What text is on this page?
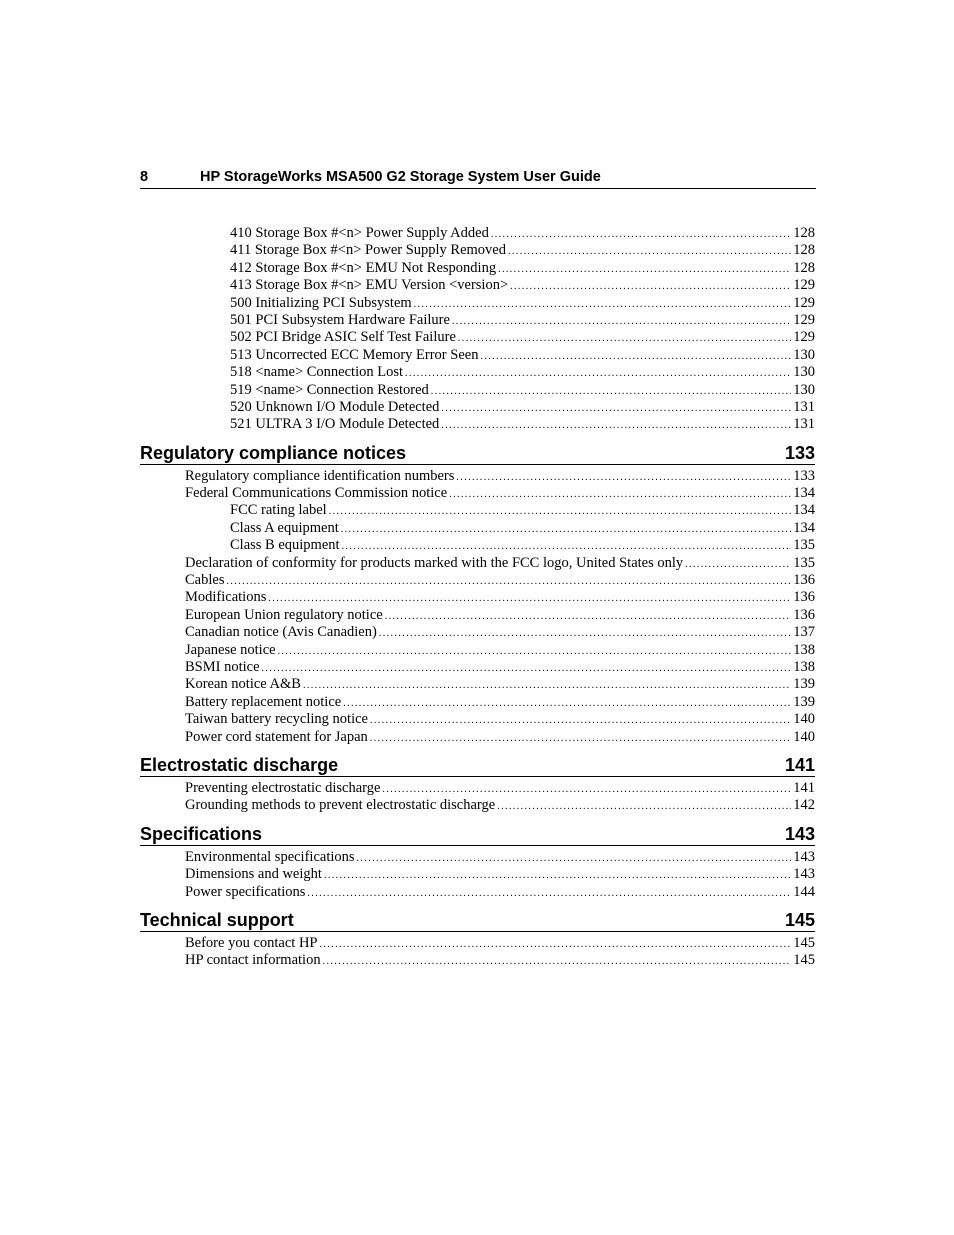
8	HP StorageWorks MSA500 G2 Storage System User Guide
410 Storage Box #<n> Power Supply Added .....	128
411 Storage Box #<n> Power Supply Removed .....	128
412 Storage Box #<n> EMU Not Responding .....	128
413 Storage Box #<n> EMU Version <version> .....	129
500 Initializing PCI Subsystem .....	129
501 PCI Subsystem Hardware Failure .....	129
502 PCI Bridge ASIC Self Test Failure .....	129
513 Uncorrected ECC Memory Error Seen .....	130
518 <name> Connection Lost .....	130
519 <name> Connection Restored .....	130
520 Unknown I/O Module Detected .....	131
521 ULTRA 3 I/O Module Detected .....	131
Regulatory compliance notices	133
Regulatory compliance identification numbers .....	133
Federal Communications Commission notice .....	134
FCC rating label .....	134
Class A equipment .....	134
Class B equipment .....	135
Declaration of conformity for products marked with the FCC logo, United States only .....	135
Cables .....	136
Modifications .....	136
European Union regulatory notice .....	136
Canadian notice (Avis Canadien) .....	137
Japanese notice .....	138
BSMI notice .....	138
Korean notice A&B .....	139
Battery replacement notice .....	139
Taiwan battery recycling notice .....	140
Power cord statement for Japan .....	140
Electrostatic discharge	141
Preventing electrostatic discharge .....	141
Grounding methods to prevent electrostatic discharge .....	142
Specifications	143
Environmental specifications .....	143
Dimensions and weight .....	143
Power specifications .....	144
Technical support	145
Before you contact HP .....	145
HP contact information .....	145
